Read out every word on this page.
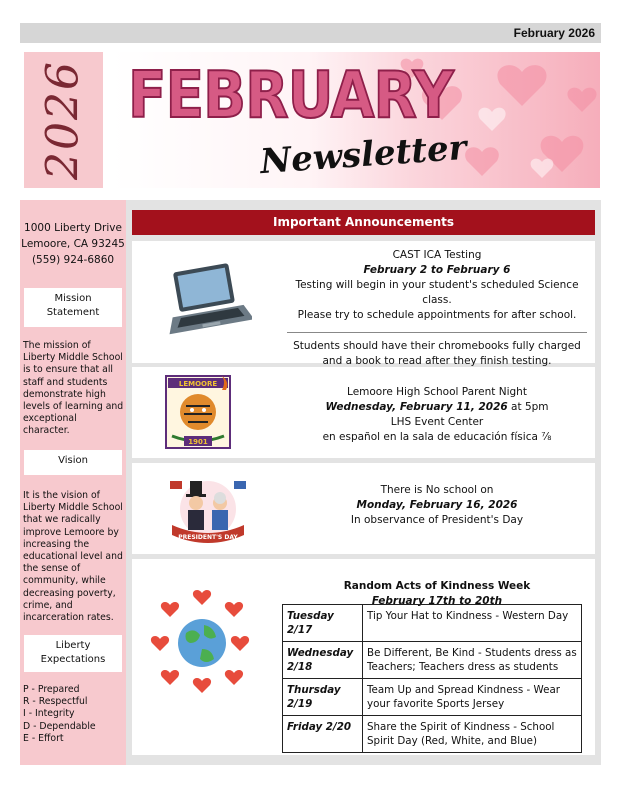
February 2026
2026 FEBRUARY
Newsletter
1000 Liberty Drive
Lemoore, CA 93245
(559) 924-6860
Mission
Statement
The mission of Liberty Middle School is to ensure that all staff and students demonstrate high levels of learning and exceptional character.
Vision
It is the vision of Liberty Middle School that we radically improve Lemoore by increasing the educational level and the sense of community, while decreasing poverty, crime, and incarceration rates.
Liberty
Expectations
P - Prepared
R - Respectful
I - Integrity
D - Dependable
E - Effort
Important Announcements
CAST ICA Testing
February 2 to February 6
Testing will begin in your student's scheduled Science class.
Please try to schedule appointments for after school.
Students should have their chromebooks fully charged and a book to read after they finish testing.
LEMOORE
1901
Lemoore High School Parent Night
Wednesday, February 11, 2026 at 5pm
LHS Event Center
en español en la sala de educación física ⅞
PRESIDENT'S DAY
There is No school on
Monday, February 16, 2026
In observance of President's Day
Random Acts of Kindness Week
February 17th to 20th
Tuesday 2/17	Tip Your Hat to Kindness - Western Day
Wednesday 2/18	Be Different, Be Kind - Students dress as Teachers; Teachers dress as students
Thursday 2/19	Team Up and Spread Kindness - Wear your favorite Sports Jersey
Friday 2/20	Share the Spirit of Kindness - School Spirit Day (Red, White, and Blue)
